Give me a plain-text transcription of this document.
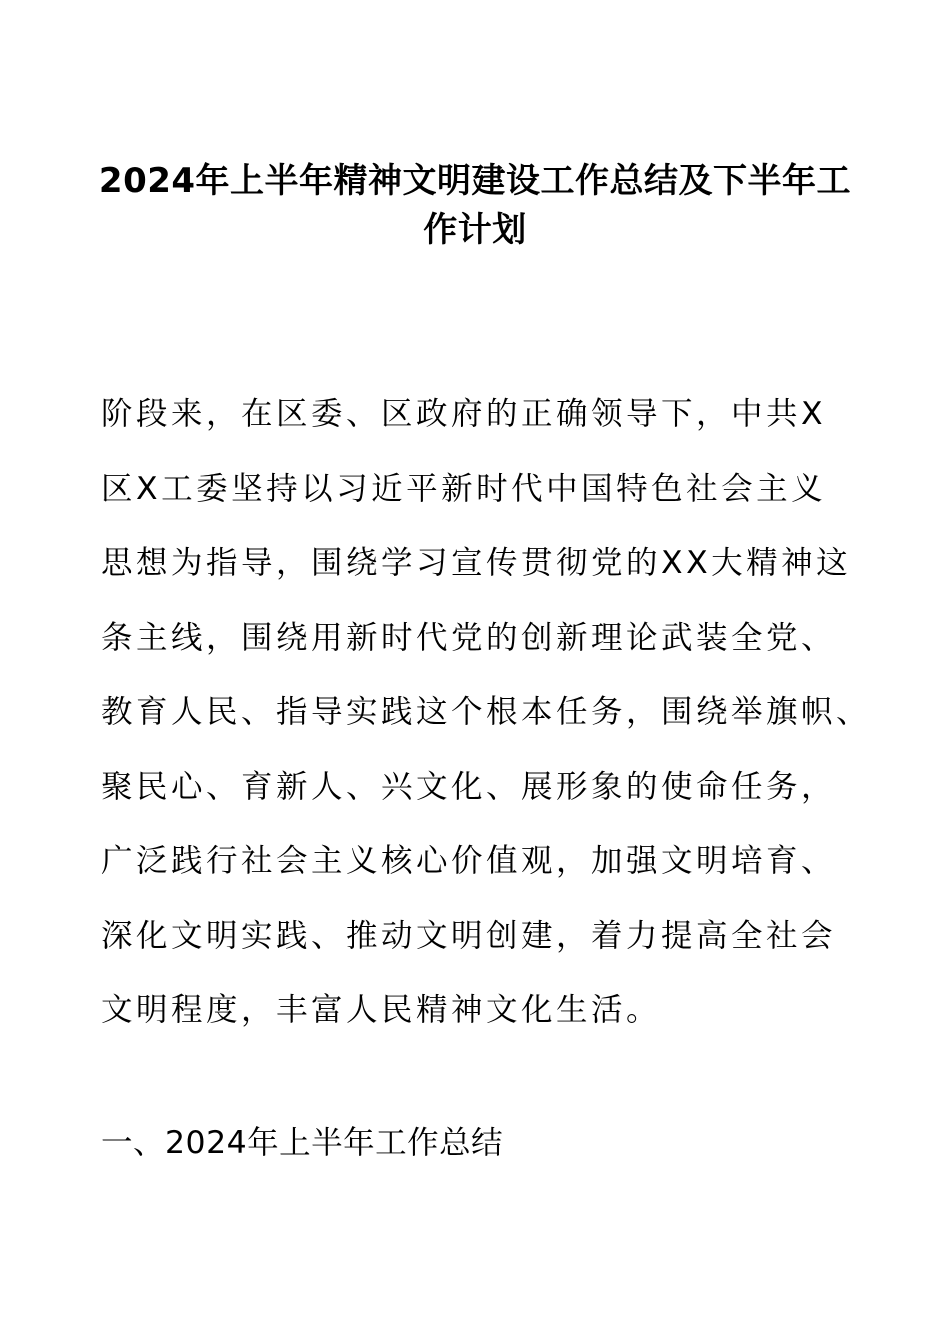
2024年上半年精神文明建设工作总结及下半年工
作计划
阶段来，在区委、区政府的正确领导下，中共X
区X工委坚持以习近平新时代中国特色社会主义
思想为指导，围绕学习宣传贯彻党的XX大精神这
条主线，围绕用新时代党的创新理论武装全党、
教育人民、指导实践这个根本任务，围绕举旗帜、
聚民心、育新人、兴文化、展形象的使命任务，
广泛践行社会主义核心价值观，加强文明培育、
深化文明实践、推动文明创建，着力提高全社会
文明程度，丰富人民精神文化生活。
一、2024年上半年工作总结
